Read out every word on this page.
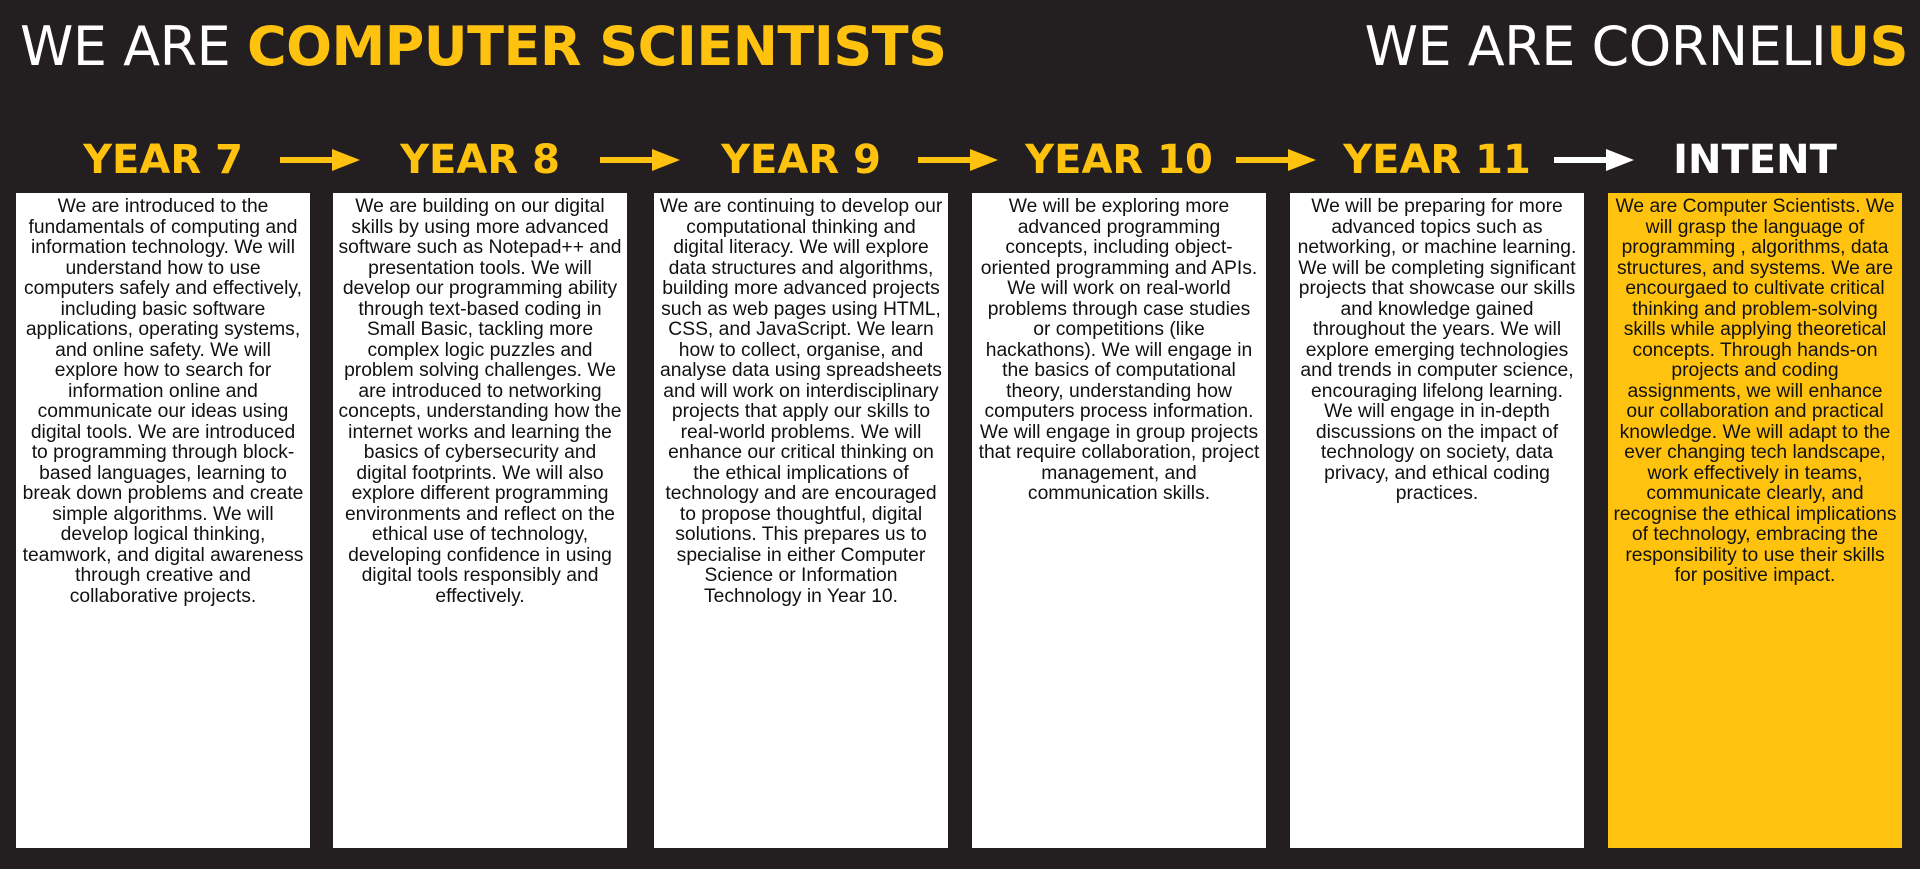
WE ARE COMPUTER SCIENTISTS	WE ARE CORNELIUS
YEAR 7
We are introduced to the fundamentals of computing and information technology. We will understand how to use computers safely and effectively, including basic software applications, operating systems, and online safety. We will explore how to search for information online and communicate our ideas using digital tools. We are introduced to programming through block-based languages, learning to break down problems and create simple algorithms. We will develop logical thinking, teamwork, and digital awareness through creative and collaborative projects.
YEAR 8
We are building on our digital skills by using more advanced software such as Notepad++ and presentation tools. We will develop our programming ability through text-based coding in Small Basic, tackling more complex logic puzzles and problem solving challenges. We are introduced to networking concepts, understanding how the internet works and learning the basics of cybersecurity and digital footprints. We will also explore different programming environments and reflect on the ethical use of technology, developing confidence in using digital tools responsibly and effectively.
YEAR 9
We are continuing to develop our computational thinking and digital literacy. We will explore data structures and algorithms, building more advanced projects such as web pages using HTML, CSS, and JavaScript. We learn how to collect, organise, and analyse data using spreadsheets and will work on interdisciplinary projects that apply our skills to real-world problems. We will enhance our critical thinking on the ethical implications of technology and are encouraged to propose thoughtful, digital solutions. This prepares us to specialise in either Computer Science or Information Technology in Year 10.
YEAR 10
We will be exploring more advanced programming concepts, including object-oriented programming and APIs. We will work on real-world problems through case studies or competitions (like hackathons). We will engage in the basics of computational theory, understanding how computers process information. We will engage in group projects that require collaboration, project management, and communication skills.
YEAR 11
We will be preparing for more advanced topics such as networking, or machine learning. We will be completing significant projects that showcase our skills and knowledge gained throughout the years. We will explore emerging technologies and trends in computer science, encouraging lifelong learning. We will engage in in-depth discussions on the impact of technology on society, data privacy, and ethical coding practices.
INTENT
We are Computer Scientists. We will grasp the language of programming , algorithms, data structures, and systems. We are encourgaed to cultivate critical thinking and problem-solving skills while applying theoretical concepts. Through hands-on projects and coding assignments, we will enhance our collaboration and practical knowledge. We will adapt to the ever changing tech landscape, work effectively in teams, communicate clearly, and recognise the ethical implications of technology, embracing the responsibility to use their skills for positive impact.
